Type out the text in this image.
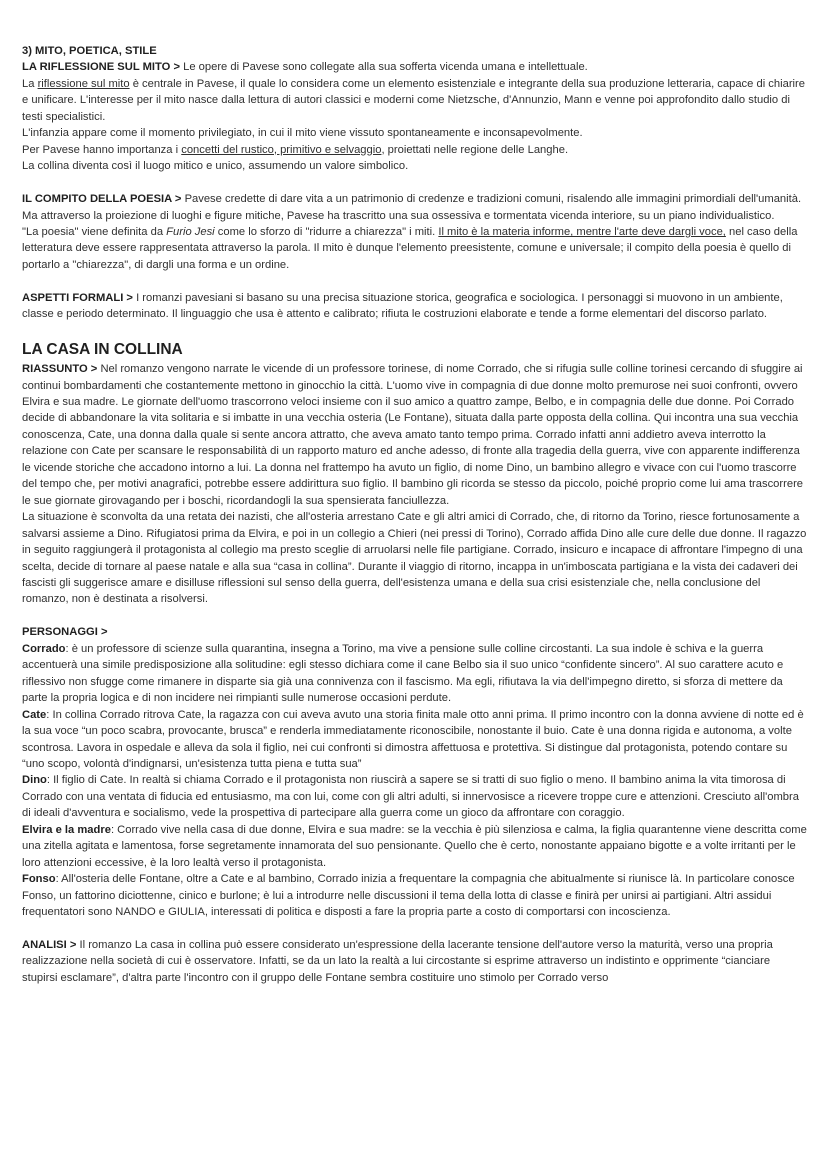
3) MITO, POETICA, STILE
LA RIFLESSIONE SUL MITO > Le opere di Pavese sono collegate alla sua sofferta vicenda umana e intellettuale.
La riflessione sul mito è centrale in Pavese, il quale lo considera come un elemento esistenziale e integrante della sua produzione letteraria, capace di chiarire e unificare. L'interesse per il mito nasce dalla lettura di autori classici e moderni come Nietzsche, d'Annunzio, Mann e venne poi approfondito dallo studio di testi specialistici.
L'infanzia appare come il momento privilegiato, in cui il mito viene vissuto spontaneamente e inconsapevolmente.
Per Pavese hanno importanza i concetti del rustico, primitivo e selvaggio, proiettati nelle regione delle Langhe.
La collina diventa così il luogo mitico e unico, assumendo un valore simbolico.
IL COMPITO DELLA POESIA > Pavese credette di dare vita a un patrimonio di credenze e tradizioni comuni, risalendo alle immagini primordiali dell'umanità. Ma attraverso la proiezione di luoghi e figure mitiche, Pavese ha trascritto una sua ossessiva e tormentata vicenda interiore, su un piano individualistico.
"La poesia" viene definita da Furio Jesi come lo sforzo di "ridurre a chiarezza" i miti. Il mito è la materia informe, mentre l'arte deve dargli voce, nel caso della letteratura deve essere rappresentata attraverso la parola. Il mito è dunque l'elemento preesistente, comune e universale; il compito della poesia è quello di portarlo a "chiarezza", di dargli una forma e un ordine.
ASPETTI FORMALI > I romanzi pavesiani si basano su una precisa situazione storica, geografica e sociologica. I personaggi si muovono in un ambiente, classe e periodo determinato. Il linguaggio che usa è attento e calibrato; rifiuta le costruzioni elaborate e tende a forme elementari del discorso parlato.
LA CASA IN COLLINA
RIASSUNTO > Nel romanzo vengono narrate le vicende di un professore torinese, di nome Corrado, che si rifugia sulle colline torinesi cercando di sfuggire ai continui bombardamenti che costantemente mettono in ginocchio la città. L'uomo vive in compagnia di due donne molto premurose nei suoi confronti, ovvero Elvira e sua madre. Le giornate dell'uomo trascorrono veloci insieme con il suo amico a quattro zampe, Belbo, e in compagnia delle due donne. Poi Corrado decide di abbandonare la vita solitaria e si imbatte in una vecchia osteria (Le Fontane), situata dalla parte opposta della collina. Qui incontra una sua vecchia conoscenza, Cate, una donna dalla quale si sente ancora attratto, che aveva amato tanto tempo prima. Corrado infatti anni addietro aveva interrotto la relazione con Cate per scansare le responsabilità di un rapporto maturo ed anche adesso, di fronte alla tragedia della guerra, vive con apparente indifferenza le vicende storiche che accadono intorno a lui. La donna nel frattempo ha avuto un figlio, di nome Dino, un bambino allegro e vivace con cui l'uomo trascorre del tempo che, per motivi anagrafici, potrebbe essere addirittura suo figlio. Il bambino gli ricorda se stesso da piccolo, poiché proprio come lui ama trascorrere le sue giornate girovagando per i boschi, ricordandogli la sua spensierata fanciullezza.
La situazione è sconvolta da una retata dei nazisti, che all'osteria arrestano Cate e gli altri amici di Corrado, che, di ritorno da Torino, riesce fortunosamente a salvarsi assieme a Dino. Rifugiatosi prima da Elvira, e poi in un collegio a Chieri (nei pressi di Torino), Corrado affida Dino alle cure delle due donne. Il ragazzo in seguito raggiungerà il protagonista al collegio ma presto sceglie di arruolarsi nelle file partigiane. Corrado, insicuro e incapace di affrontare l'impegno di una scelta, decide di tornare al paese natale e alla sua “casa in collina”. Durante il viaggio di ritorno, incappa in un'imboscata partigiana e la vista dei cadaveri dei fascisti gli suggerisce amare e disilluse riflessioni sul senso della guerra, dell'esistenza umana e della sua crisi esistenziale che, nella conclusione del romanzo, non è destinata a risolversi.
PERSONAGGI >
Corrado: è un professore di scienze sulla quarantina, insegna a Torino, ma vive a pensione sulle colline circostanti. La sua indole è schiva e la guerra accentuerà una simile predisposizione alla solitudine: egli stesso dichiara come il cane Belbo sia il suo unico “confidente sincero”. Al suo carattere acuto e riflessivo non sfugge come rimanere in disparte sia già una connivenza con il fascismo. Ma egli, rifiutava la via dell'impegno diretto, si sforza di mettere da parte la propria logica e di non incidere nei rimpianti sulle numerose occasioni perdute.
Cate: In collina Corrado ritrova Cate, la ragazza con cui aveva avuto una storia finita male otto anni prima. Il primo incontro con la donna avviene di notte ed è la sua voce “un poco scabra, provocante, brusca” e renderla immediatamente riconoscibile, nonostante il buio. Cate è una donna rigida e autonoma, a volte scontrosa. Lavora in ospedale e alleva da sola il figlio, nei cui confronti si dimostra affettuosa e protettiva. Si distingue dal protagonista, potendo contare su “uno scopo, volontà d'indignarsi, un'esistenza tutta piena e tutta sua”
Dino: Il figlio di Cate. In realtà si chiama Corrado e il protagonista non riuscirà a sapere se si tratti di suo figlio o meno. Il bambino anima la vita timorosa di Corrado con una ventata di fiducia ed entusiasmo, ma con lui, come con gli altri adulti, si innervosisce a ricevere troppe cure e attenzioni. Cresciuto all'ombra di ideali d'avventura e socialismo, vede la prospettiva di partecipare alla guerra come un gioco da affrontare con coraggio.
Elvira e la madre: Corrado vive nella casa di due donne, Elvira e sua madre: se la vecchia è più silenziosa e calma, la figlia quarantenne viene descritta come una zitella agitata e lamentosa, forse segretamente innamorata del suo pensionante. Quello che è certo, nonostante appaiano bigotte e a volte irritanti per le loro attenzioni eccessive, è la loro lealtà verso il protagonista.
Fonso: All'osteria delle Fontane, oltre a Cate e al bambino, Corrado inizia a frequentare la compagnia che abitualmente si riunisce là. In particolare conosce Fonso, un fattorino diciottenne, cinico e burlone; è lui a introdurre nelle discussioni il tema della lotta di classe e finirà per unirsi ai partigiani. Altri assidui frequentatori sono NANDO e GIULIA, interessati di politica e disposti a fare la propria parte a costo di comportarsi con incoscienza.
ANALISI > Il romanzo La casa in collina può essere considerato un'espressione della lacerante tensione dell'autore verso la maturità, verso una propria realizzazione nella società di cui è osservatore. Infatti, se da un lato la realtà a lui circostante si esprime attraverso un indistinto e opprimente “cianciare stupirsi esclamare”, d'altra parte l'incontro con il gruppo delle Fontane sembra costituire uno stimolo per Corrado verso
